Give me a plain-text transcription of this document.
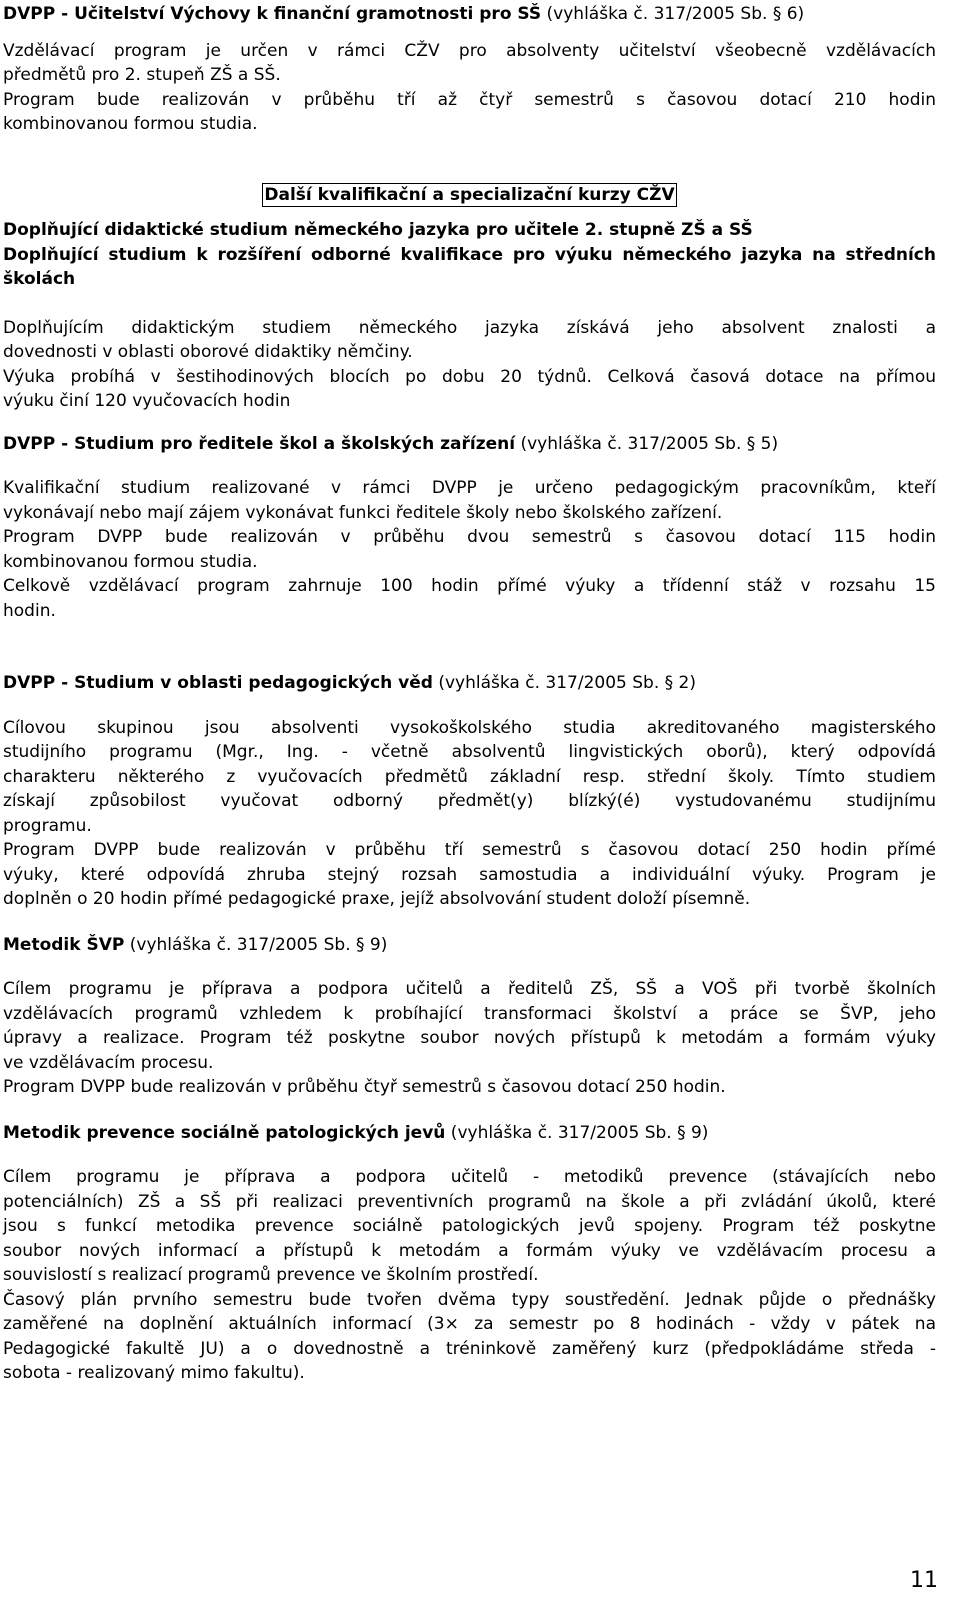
DVPP - Učitelství Výchovy k finanční gramotnosti pro SŠ (vyhláška č. 317/2005 Sb. § 6)

Vzdělávací program je určen v rámci CŽV pro absolventy učitelství všeobecně vzdělávacích

předmětů pro 2. stupeň ZŠ a SŠ.

Program bude realizován v průběhu tří až čtyř semestrů s časovou dotací 210 hodin

kombinovanou formou studia.

Další kvalifikační a specializační kurzy CŽV

Doplňující didaktické studium německého jazyka pro učitele 2. stupně ZŠ a SŠ

Doplňující studium k rozšíření odborné kvalifikace pro výuku německého jazyka na středních

školách

Doplňujícím didaktickým studiem německého jazyka získává jeho absolvent znalosti a

dovednosti v oblasti oborové didaktiky němčiny.

Výuka probíhá v šestihodinových blocích po dobu 20 týdnů. Celková časová dotace na přímou

výuku činí 120 vyučovacích hodin

DVPP - Studium pro ředitele škol a školských zařízení (vyhláška č. 317/2005 Sb. § 5)

Kvalifikační studium realizované v rámci DVPP je určeno pedagogickým pracovníkům, kteří

vykonávají nebo mají zájem vykonávat funkci ředitele školy nebo školského zařízení.

Program DVPP bude realizován v průběhu dvou semestrů s časovou dotací 115 hodin

kombinovanou formou studia.

Celkově vzdělávací program zahrnuje 100 hodin přímé výuky a třídenní stáž v rozsahu 15

hodin.

DVPP - Studium v oblasti pedagogických věd (vyhláška č. 317/2005 Sb. § 2)

Cílovou skupinou jsou absolventi vysokoškolského studia akreditovaného magisterského

studijního programu (Mgr., Ing. - včetně absolventů lingvistických oborů), který odpovídá

charakteru některého z vyučovacích předmětů základní resp. střední školy. Tímto studiem

získají způsobilost vyučovat odborný předmět(y) blízký(é) vystudovanému studijnímu

programu.

Program DVPP bude realizován v průběhu tří semestrů s časovou dotací 250 hodin přímé

výuky, které odpovídá zhruba stejný rozsah samostudia a individuální výuky. Program je

doplněn o 20 hodin přímé pedagogické praxe, jejíž absolvování student doloží písemně.

Metodik ŠVP (vyhláška č. 317/2005 Sb. § 9)

Cílem programu je příprava a podpora učitelů a ředitelů ZŠ, SŠ a VOŠ při tvorbě školních

vzdělávacích programů vzhledem k probíhající transformaci školství a práce se ŠVP, jeho

úpravy a realizace. Program též poskytne soubor nových přístupů k metodám a formám výuky

ve vzdělávacím procesu.

Program DVPP bude realizován v průběhu čtyř semestrů s časovou dotací 250 hodin.

Metodik prevence sociálně patologických jevů (vyhláška č. 317/2005 Sb. § 9)

Cílem programu je příprava a podpora učitelů - metodiků prevence (stávajících nebo

potenciálních) ZŠ a SŠ při realizaci preventivních programů na škole a při zvládání úkolů, které

jsou s funkcí metodika prevence sociálně patologických jevů spojeny. Program též poskytne

soubor nových informací a přístupů k metodám a formám výuky ve vzdělávacím procesu a

souvislostí s realizací programů prevence ve školním prostředí.

Časový plán prvního semestru bude tvořen dvěma typy soustředění. Jednak půjde o přednášky

zaměřené na doplnění aktuálních informací (3× za semestr po 8 hodinách - vždy v pátek na

Pedagogické fakultě JU) a o dovednostně a tréninkově zaměřený kurz (předpokládáme středa -

sobota - realizovaný mimo fakultu).

11
